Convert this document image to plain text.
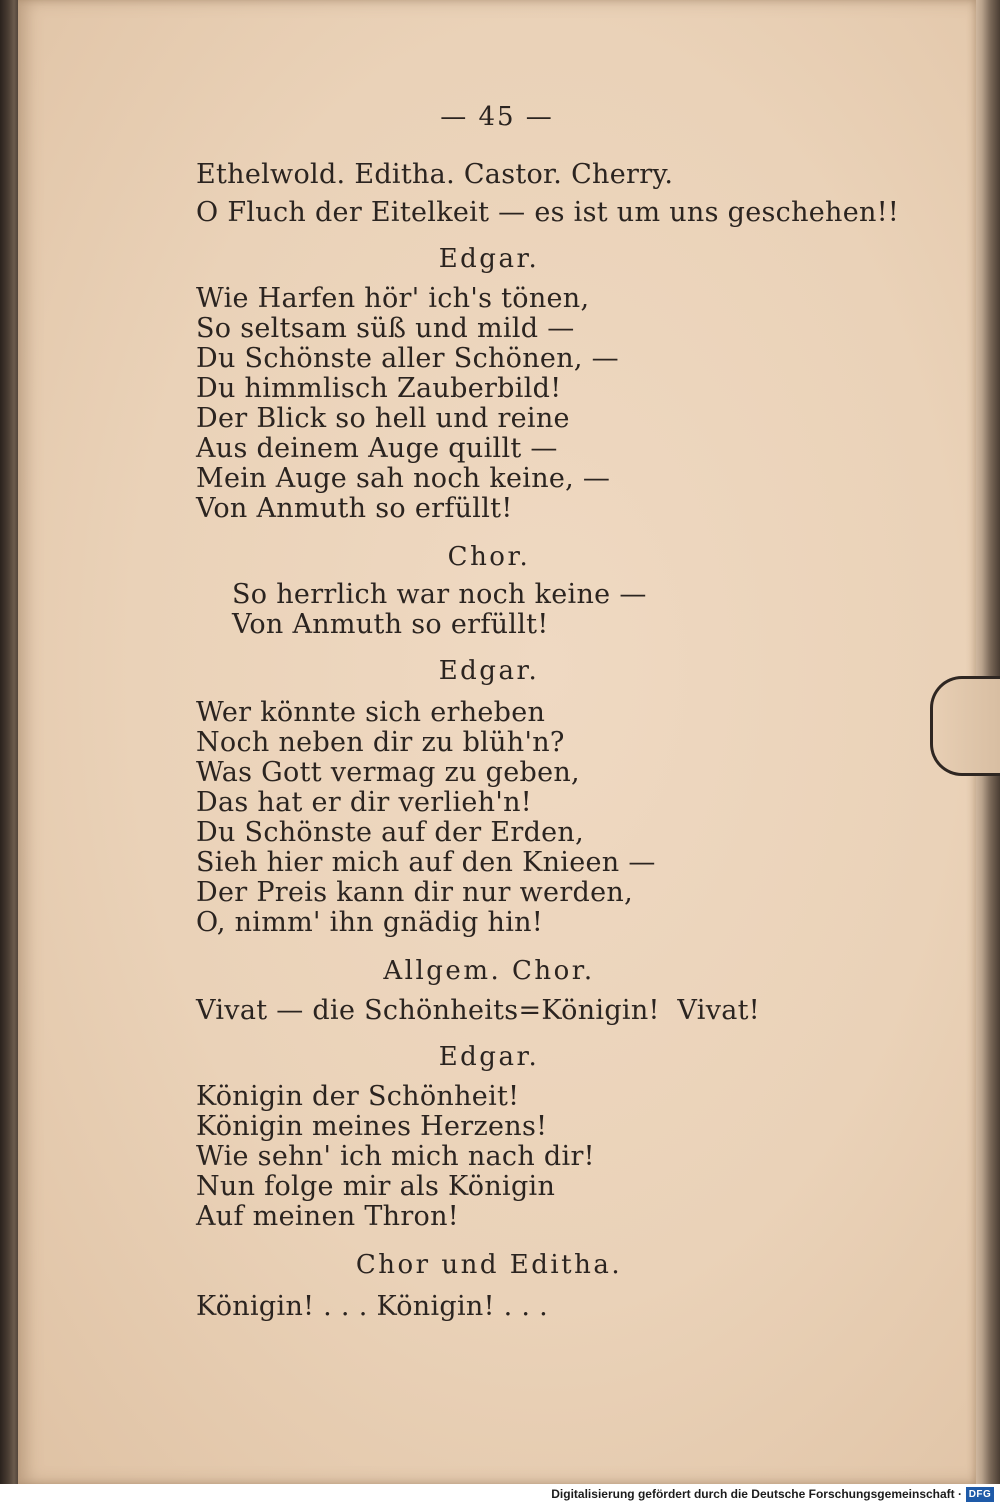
— 45 —
Ethelwold. Editha. Castor. Cherry.
O Fluch der Eitelkeit — es ist um uns geschehen!!
Edgar.
Wie Harfen hör' ich's tönen,
So seltsam süß und mild —
Du Schönste aller Schönen, —
Du himmlisch Zauberbild!
Der Blick so hell und reine
Aus deinem Auge quillt —
Mein Auge sah noch keine, —
Von Anmuth so erfüllt!
Chor.
So herrlich war noch keine —
Von Anmuth so erfüllt!
Edgar.
Wer könnte sich erheben
Noch neben dir zu blüh'n?
Was Gott vermag zu geben,
Das hat er dir verlieh'n!
Du Schönste auf der Erden,
Sieh hier mich auf den Knieen —
Der Preis kann dir nur werden,
O, nimm' ihn gnädig hin!
Allgem. Chor.
Vivat — die Schönheits=Königin!  Vivat!
Edgar.
Königin der Schönheit!
Königin meines Herzens!
Wie sehn' ich mich nach dir!
Nun folge mir als Königin
Auf meinen Thron!
Chor und Editha.
Königin! . . . Königin! . . .
Digitalisierung gefördert durch die Deutsche Forschungsgemeinschaft · DFG
